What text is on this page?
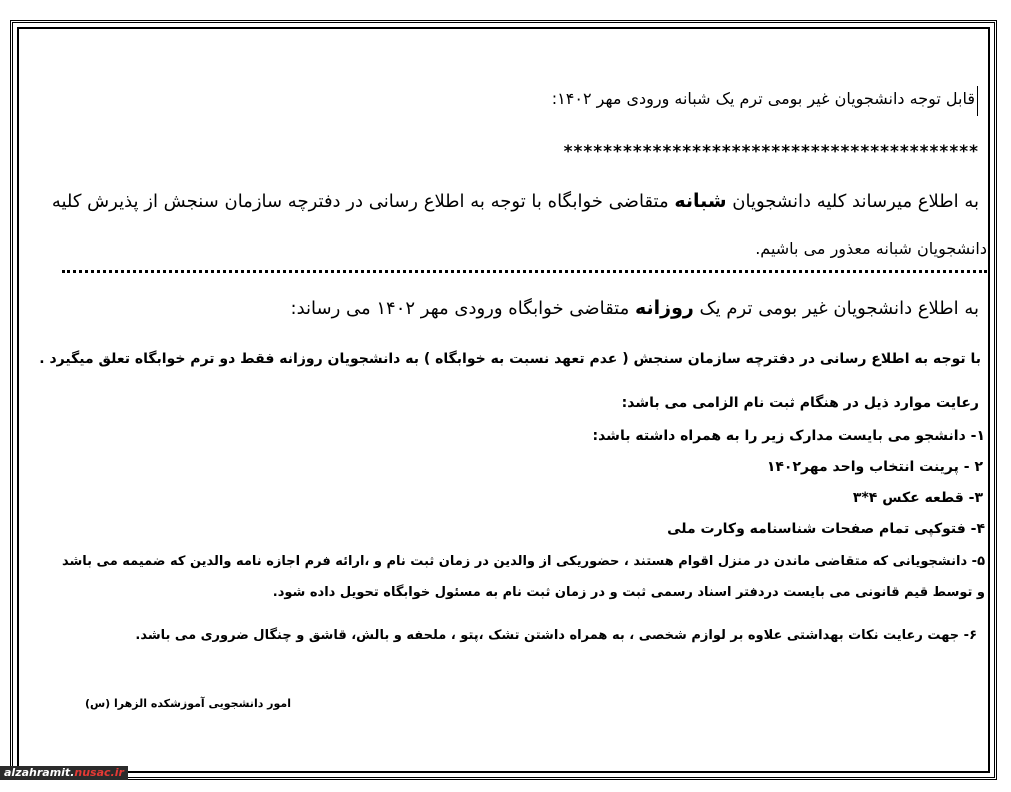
قابل توجه دانشجویان غیر بومی ترم یک شبانه ورودی مهر ۱۴۰۲:
******************************************
به اطلاع میرساند کلیه دانشجویان شبانه متقاضی خوابگاه با توجه به اطلاع رسانی در دفترچه سازمان سنجش از پذیرش کلیه
دانشجویان شبانه معذور می باشیم.
به اطلاع دانشجویان غیر بومی ترم یک روزانه متقاضی خوابگاه ورودی مهر ۱۴۰۲ می رساند:
با توجه به اطلاع رسانی در دفترچه سازمان سنجش ( عدم تعهد نسبت به خوابگاه ) به دانشجویان روزانه فقط دو ترم خوابگاه تعلق میگیرد .
رعایت موارد ذیل در هنگام ثبت نام الزامی می باشد:
۱- دانشجو می بایست مدارک زیر را به همراه داشته باشد:
۲ - پرینت انتخاب واحد مهر۱۴۰۲
۳- قطعه عکس ۴*۳
۴- فتوکپی تمام صفحات شناسنامه وکارت ملی
۵- دانشجویانی که متقاضی ماندن در منزل اقوام هستند ، حضوریکی از والدین در زمان ثبت نام و ،ارائه فرم اجازه نامه والدین که ضمیمه می باشد
و توسط قیم قانونی می بایست دردفتر اسناد رسمی ثبت و در زمان ثبت نام به مسئول خوابگاه تحویل داده شود.
۶- جهت رعایت نکات بهداشتی علاوه بر لوازم شخصی ، به همراه داشتن تشک ،پتو ، ملحفه و بالش، قاشق و چنگال ضروری می باشد.
امور دانشجویی آموزشکده الزهرا (س)
alzahramit.nusac.ir
